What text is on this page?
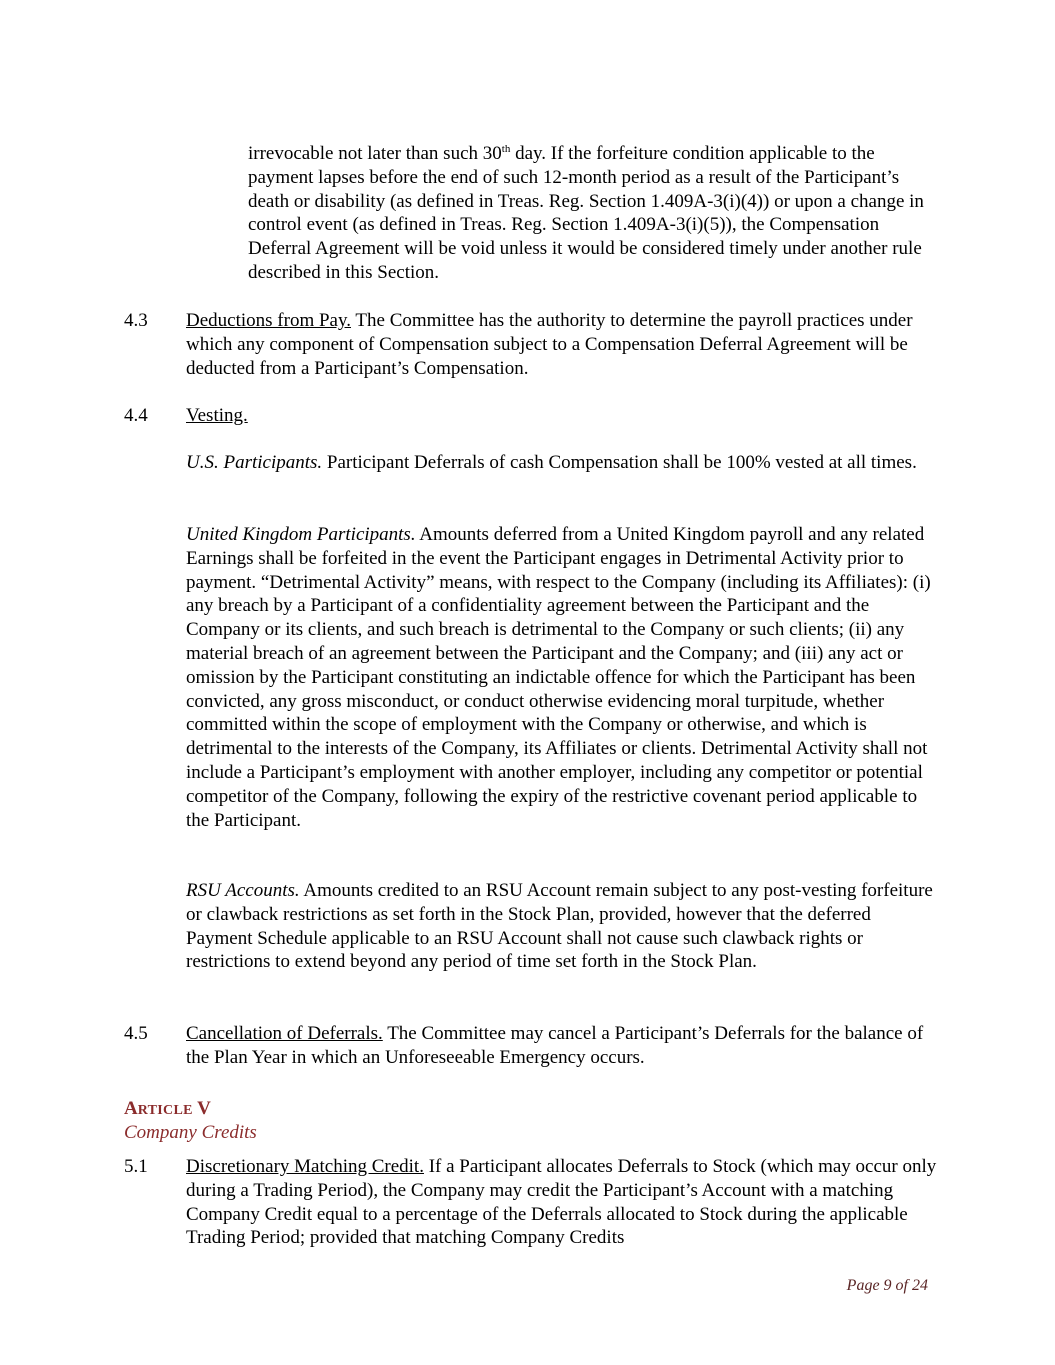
irrevocable not later than such 30th day. If the forfeiture condition applicable to the payment lapses before the end of such 12-month period as a result of the Participant’s death or disability (as defined in Treas. Reg. Section 1.409A-3(i)(4)) or upon a change in control event (as defined in Treas. Reg. Section 1.409A-3(i)(5)), the Compensation Deferral Agreement will be void unless it would be considered timely under another rule described in this Section.

4.3 Deductions from Pay. The Committee has the authority to determine the payroll practices under which any component of Compensation subject to a Compensation Deferral Agreement will be deducted from a Participant’s Compensation.

4.4 Vesting.

U.S. Participants. Participant Deferrals of cash Compensation shall be 100% vested at all times.

United Kingdom Participants. Amounts deferred from a United Kingdom payroll and any related Earnings shall be forfeited in the event the Participant engages in Detrimental Activity prior to payment. “Detrimental Activity” means, with respect to the Company (including its Affiliates): (i) any breach by a Participant of a confidentiality agreement between the Participant and the Company or its clients, and such breach is detrimental to the Company or such clients; (ii) any material breach of an agreement between the Participant and the Company; and (iii) any act or omission by the Participant constituting an indictable offence for which the Participant has been convicted, any gross misconduct, or conduct otherwise evidencing moral turpitude, whether committed within the scope of employment with the Company or otherwise, and which is detrimental to the interests of the Company, its Affiliates or clients. Detrimental Activity shall not include a Participant’s employment with another employer, including any competitor or potential competitor of the Company, following the expiry of the restrictive covenant period applicable to the Participant.

RSU Accounts. Amounts credited to an RSU Account remain subject to any post-vesting forfeiture or clawback restrictions as set forth in the Stock Plan, provided, however that the deferred Payment Schedule applicable to an RSU Account shall not cause such clawback rights or restrictions to extend beyond any period of time set forth in the Stock Plan.

4.5 Cancellation of Deferrals. The Committee may cancel a Participant’s Deferrals for the balance of the Plan Year in which an Unforeseeable Emergency occurs.

ARTICLE V

Company Credits

5.1 Discretionary Matching Credit. If a Participant allocates Deferrals to Stock (which may occur only during a Trading Period), the Company may credit the Participant’s Account with a matching Company Credit equal to a percentage of the Deferrals allocated to Stock during the applicable Trading Period; provided that matching Company Credits

Page 9 of 24
